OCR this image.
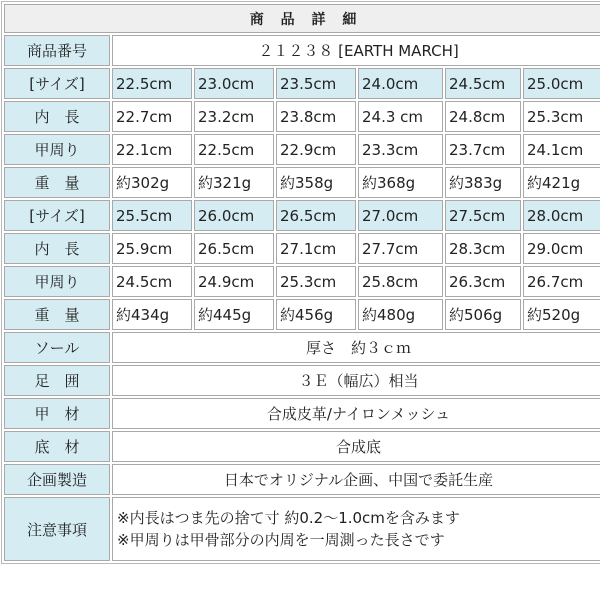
商 品 詳 細						
商品番号	２１２３８ [EARTH MARCH]					
[サイズ]	22.5cm	23.0cm	23.5cm	24.0cm	24.5cm	25.0cm
内　長	22.7cm	23.2cm	23.8cm	24.3 cm	24.8cm	25.3cm
甲周り	22.1cm	22.5cm	22.9cm	23.3cm	23.7cm	24.1cm
重　量	約302g	約321g	約358g	約368g	約383g	約421g
[サイズ]	25.5cm	26.0cm	26.5cm	27.0cm	27.5cm	28.0cm
内　長	25.9cm	26.5cm	27.1cm	27.7cm	28.3cm	29.0cm
甲周り	24.5cm	24.9cm	25.3cm	25.8cm	26.3cm	26.7cm
重　量	約434g	約445g	約456g	約480g	約506g	約520g
ソール	厚さ　約３ｃｍ					
足　囲	３Ｅ（幅広）相当					
甲　材	合成皮革/ナイロンメッシュ					
底　材	合成底					
企画製造	日本でオリジナル企画、中国で委託生産					
注意事項	※内長はつま先の捨て寸 約0.2～1.0cmを含みます
※甲周りは甲骨部分の内周を一周測った長さです					
